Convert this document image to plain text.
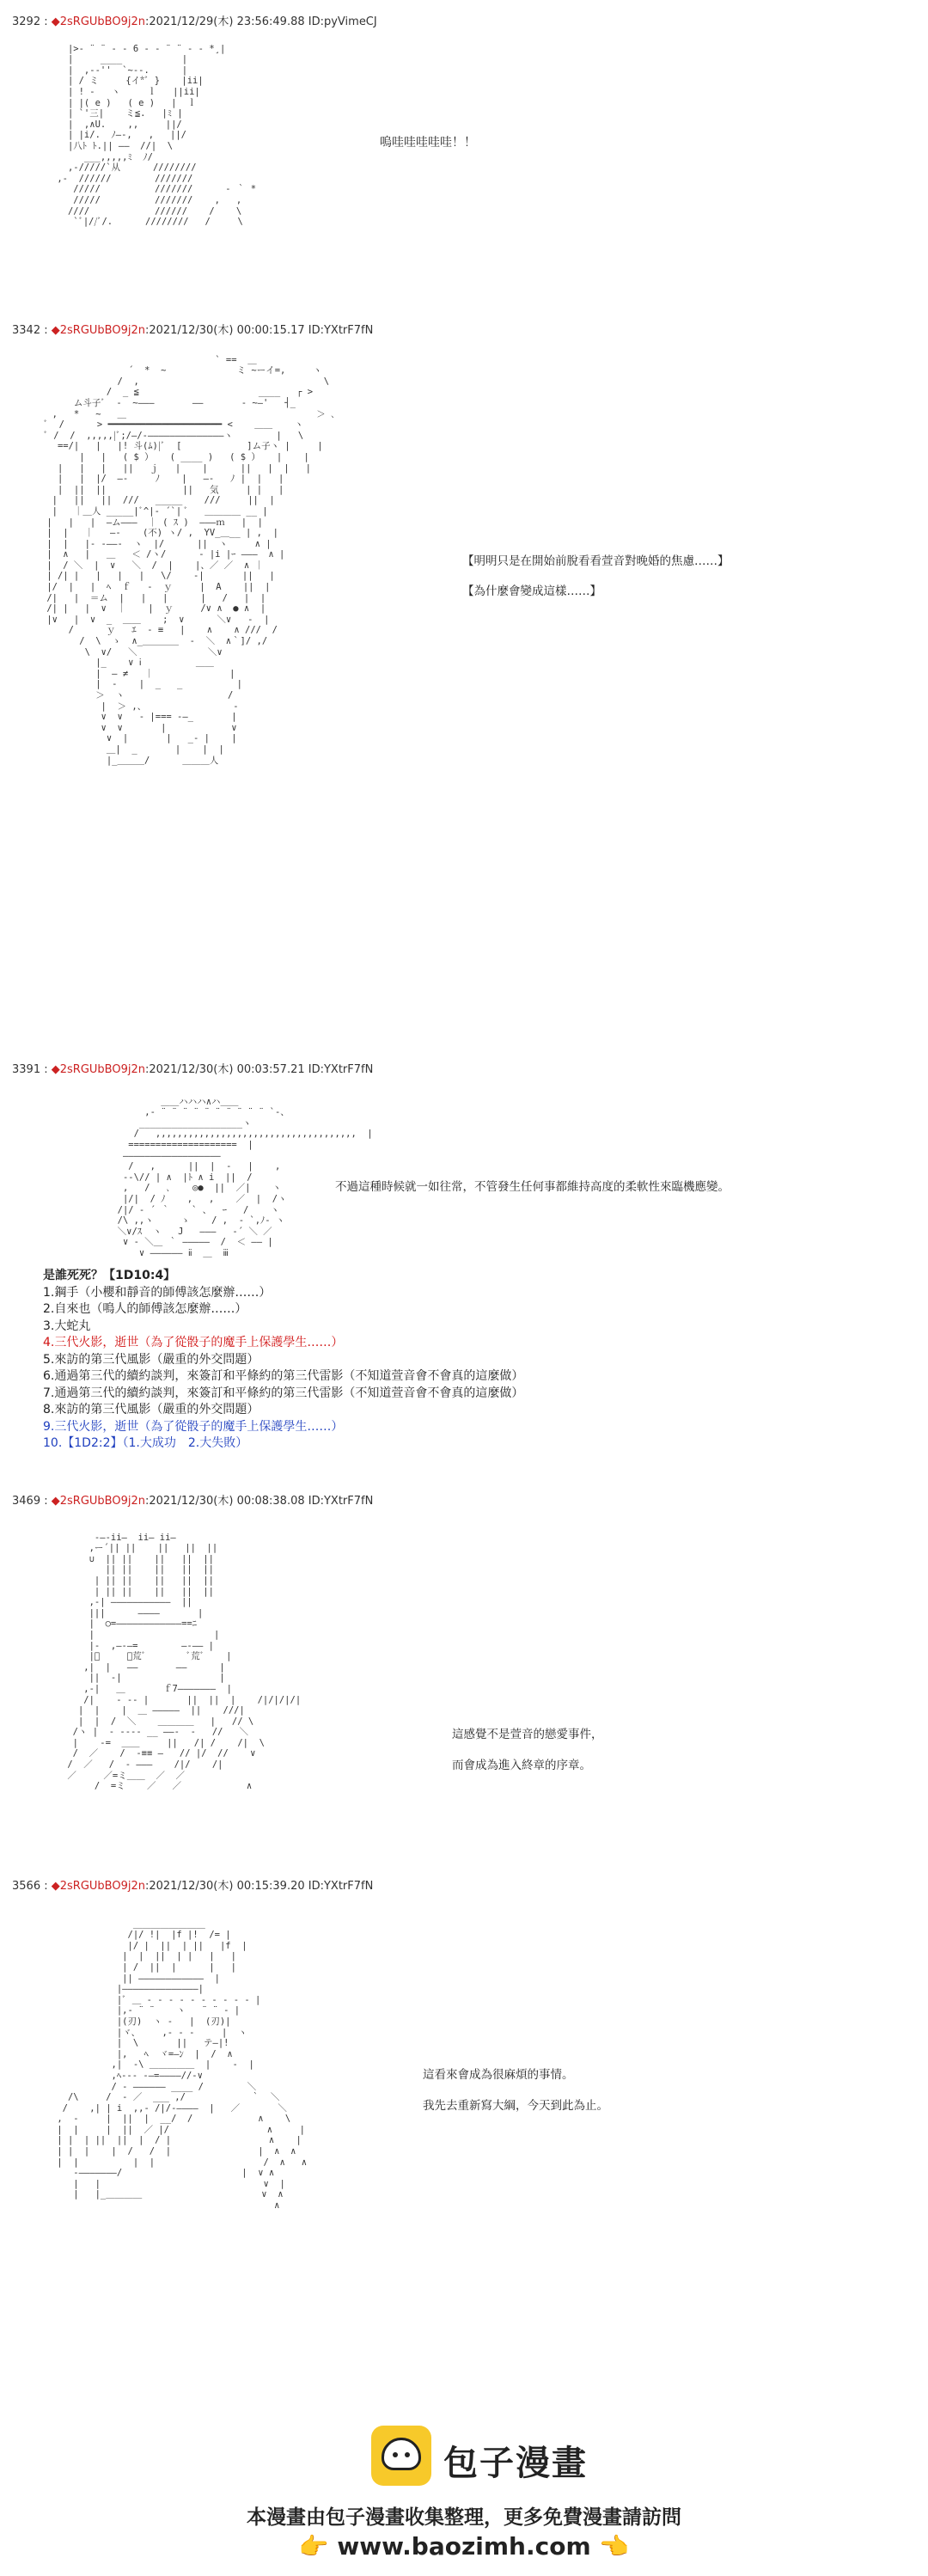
3292 : ◆2sRGUbBO9j2n:2021/12/29(木) 23:56:49.88 ID:pyVimeCJ

|>‐ ¨ ¨ ‐ ‐ 6 ‐ ‐ ¨ ¨ ‐ ‐ *¸|
|     ____           |
|  ,--''  `~--.      |
| / ミ     {イ*ﾞ }    |ii|
| ! ‐   ヽ     ｌ   ||ii|
| |( e )   ( e )   |  ｌ
| `'三|    ミ≦.   |ﾐ |
|  ,∧U.    ,,     ||/
| |i/.  ﾉ―-,   ,   ||/
|八ﾄ ﾄ.|| ――  //|  \
___,,,,,ﾐ  ﾉ/
,‐/////`从      ////////
,‐  //////        ///////
/////          ///////      ‐ ｀ *
/////          ///////    ,   ,
////            //////    /    \
`ﾞ|//ﾞ/.      ////////   /     \

嗚哇哇哇哇哇！！
3342 : ◆2sRGUbBO9j2n:2021/12/30(木) 00:00:15.17 ID:YXtrF7fN

` ==  ＿
´  *  ~             ミ ~ーイ=,     ヽ
/  ,                                  \
/  _ ≦                      ____   ┌ >
ム斗子ﾞ  ‐  ~―――       ――       ‐ ~―'   ┤_
,   *   ~   ＿                                   ＞ ､
ﾞ  /      > ━━━━━━━━━━━━━━━━━━━━━ <    ＿＿    ヽ
ﾞ /  /  ,,,,,|ﾞ;/―/‐――――――――――――――ヽ        |   \
==/|   |   |! 斗(ﾑ)|ﾞ  [            ]ム子ヽ |     |
|   |   ( $ ）   ( ____ )   ( $ ）   |    |
|   |   |   ||   ｊ   |    |      ||   |  |   |
|   |  |/  ―‐     ﾉ    |   ―‐   ﾉ |  |   |
|  ||  ||              ||   気     | |   |
|   ||   ||  ///   _____    ///     ||  |
|   ｜＿人 _____|ﾞ^|‐ ´`| ﾞ   ＿＿＿＿ __ |
|   |   |  ―ム―――  ｜ ( ｽ )  ―――ｍ   |  |
|  |   ｜   ―‐    (不) ヽ/ ,  YV_＿__ | ,  |
|  |   |‐ ‐――‐  ヽ  |/      ||  ヽ     ∧ |
|  ∧   |   ＿   ＜ /ヽ/      ‐ |i |ｰ ―――  ∧ |
|  / ＼  |  ∨   ＼  /  |    |、／ ／  ∧ ｜
| /| |   |   |   |   \/    ‐|       ||   |
|/  |   |  ﾍ  ｆ   ‐  ｙ     |  A    ||  |
/|   |  ＝ム  |   |   |      |   /   |  |
/| |   |  ∨  ｜    |  ｙ     /∨ ∧  ● ∧  |
|∨   |  ∨  _  ＿＿    ;  ∨      ＼∨   ‐  |
/      ｙ   ｴ  ‐ ≡   |    ∧    ∧ ///  /
/  \  ゝ  ∧_＿＿＿＿  ‐  ＼  ∧｀]/ ,/
\  ∨/   ＼             ＼∨
|_    ∨ ⅰ          ＿＿
|  ― ≠   ｜              |
|  ‐    |  _   _          |
＞  ヽ                   /
|  ＞ ,、                ‐
∨  ∨   ‐ |=== ‐―_       |
∨  ∨       |            ∨
∨  |       |   _‐ |    |
＿|  _       |    |  |
|_＿＿＿/      ＿＿＿人

【明明只是在開始前脫看看萱音對晚婚的焦慮……】
【為什麼會變成這樣……】
3391 : ◆2sRGUbBO9j2n:2021/12/30(木) 00:03:57.21 ID:YXtrF7fN

＿＿ハハハ∧ハ＿＿
,‐ ¨ ¨ ¨ ¨ ¨ ¨ ¨ ¨ ¨ ¨ `‐、
___________________ヽ
/   ,,,,,,,,,,,,,,,,,,,,,,,,,,,,,,,,,,,,,  |
====================  |
――――――――――――――――――
/   ,      ||  |  ‐   |    ,
‐‐\// | ∧  |ﾄ ∧ i  ||  /
,   /   ､    ◎●  ||  ／|    ヽ
|/|  / ﾉ    ,   ,    ／  |  /ヽ
/|/ ‐ ´ ｀    ` 、  ｰ   /    ヽ
/\ ,,ヽ     ゝ    / ,  ‐ `,ﾉ‐ ヽ
＼∨/ｽ  ヽ   J   ―――   ‐´ ＼ ／
∨ ‐ ＼＿ ｀ ―――――  /  ＜ ―― |
∨ ―――――― ⅱ  ＿  ⅲ

不過這種時候就一如往常，不管發生任何事都維持高度的柔軟性來臨機應變。
是誰死死？【1D10:4】
1.鋼手（小櫻和靜音的師傅該怎麼辦……）
2.自來也（鳴人的師傅該怎麼辦……）
3.大蛇丸
4.三代火影，逝世（為了從骰子的魔手上保護學生……）
5.來訪的第三代風影（嚴重的外交問題）
6.通過第三代的續約談判，來簽訂和平條約的第三代雷影（不知道萱音會不會真的這麼做）
7.通過第三代的續約談判，來簽訂和平條約的第三代雷影（不知道萱音會不會真的這麼做）
8.來訪的第三代風影（嚴重的外交問題）
9.三代火影，逝世（為了從骰子的魔手上保護學生……）
10.【1D2:2】（1.大成功　2.大失敗）
3469 : ◆2sRGUbBO9j2n:2021/12/30(木) 00:08:38.08 ID:YXtrF7fN

‐―‐ii―  ii― ii―
,ー´|| ||    ||   ||  ||
∪  || ||    ||   ||  ||
|| ||    ||   ||  ||
| || ||    ||   ||  ||
| || ||    ||   ||  ||
,‐| ―――――――――――  ||
|||      ――――       |
|  ○=――――――――――――==ﾆ
|                      |
|‐  ,―‐―=        ―‐―― |
|ﾞ     ﾞ荒ﾞ        ﾞ荒ﾞ    |
,|  |   ――       ――      |
||  ‐|                  |
,-|   ＿       ｆ7―――――――  |
/|    ‐ ‐‐ |       ||  ||  |    /|/|/|/|
|  |    |  ＿ ―――――  ||    ///|
|  |  /  ＼    ＿＿＿＿   |   // \
/ヽ |  ‐ ‐‐‐‐ __ ――‐  ‐   //   ＼
|    ‐=  ＿＿     ||   /| /    /|  \
/  ／    /  ‐≡≡ ―   // |/  //    ∨
/  ／   /  ‐ ―――    /|/    /|
／     ／=ミ＿＿  ／  ／
/  =ミ    ／   ／            ∧

這感覺不是萱音的戀愛事件，
而會成為進入終章的序章。
3566 : ◆2sRGUbBO9j2n:2021/12/30(木) 00:15:39.20 ID:YXtrF7fN

＿＿＿＿＿＿＿＿
/|/ !|  |f |!  /= |
|/ |  ||  | ||   |f  |
|  |  ||  | |   |   |
| /  ||  |      |   |
|| ――――――――――――  |
|――――――――――――――|
|ﾞ ＿ ‐ ‐ ‐ ‐ ‐ ‐ ‐ ‐ ‐ ‐ |
|,‐ ¨ ¨    ヽ   ¨ ¨ ‐ |
|(刃)  ヽ ‐   |  (刃)|
|ヾ、    ,‐ ‐ ‐     |  ヽ
|  \       ||   テ―|!
|,   ﾍ  ヾ=―ﾝ  |  /  ∧
,|  ‐\ ＿＿＿＿＿  |    ‐  |
,ﾍ‐-‐ ‐―=――――//‐∨
/ ‐ ―――――― ____ /        ＼
/\     /  ‐ ／  ___ ,/            ｀  ＼
/    ,| | i  ,,‐ /|/‐――――  |   ／       ＼
,  ‐     |  ||  |  __/  /            ∧    \
|  |     |  ||  ／ |/                  ∧     |
| |  | ||  ||  |  / |                  ∧    |
| |  |    |  /   /  |                |  ∧  ∧
|  |          |  |                    /  ∧   ∧
‐―――――――/                      |  ∨ ∧
|   |                              ∨  |
|   |_＿＿＿＿                      ∨  ∧
∧

這看來會成為很麻煩的事情。
我先去重新寫大綱，今天到此為止。
包子漫畫
本漫畫由包子漫畫收集整理，更多免費漫畫請訪問
👉 www.baozimh.com 👈
